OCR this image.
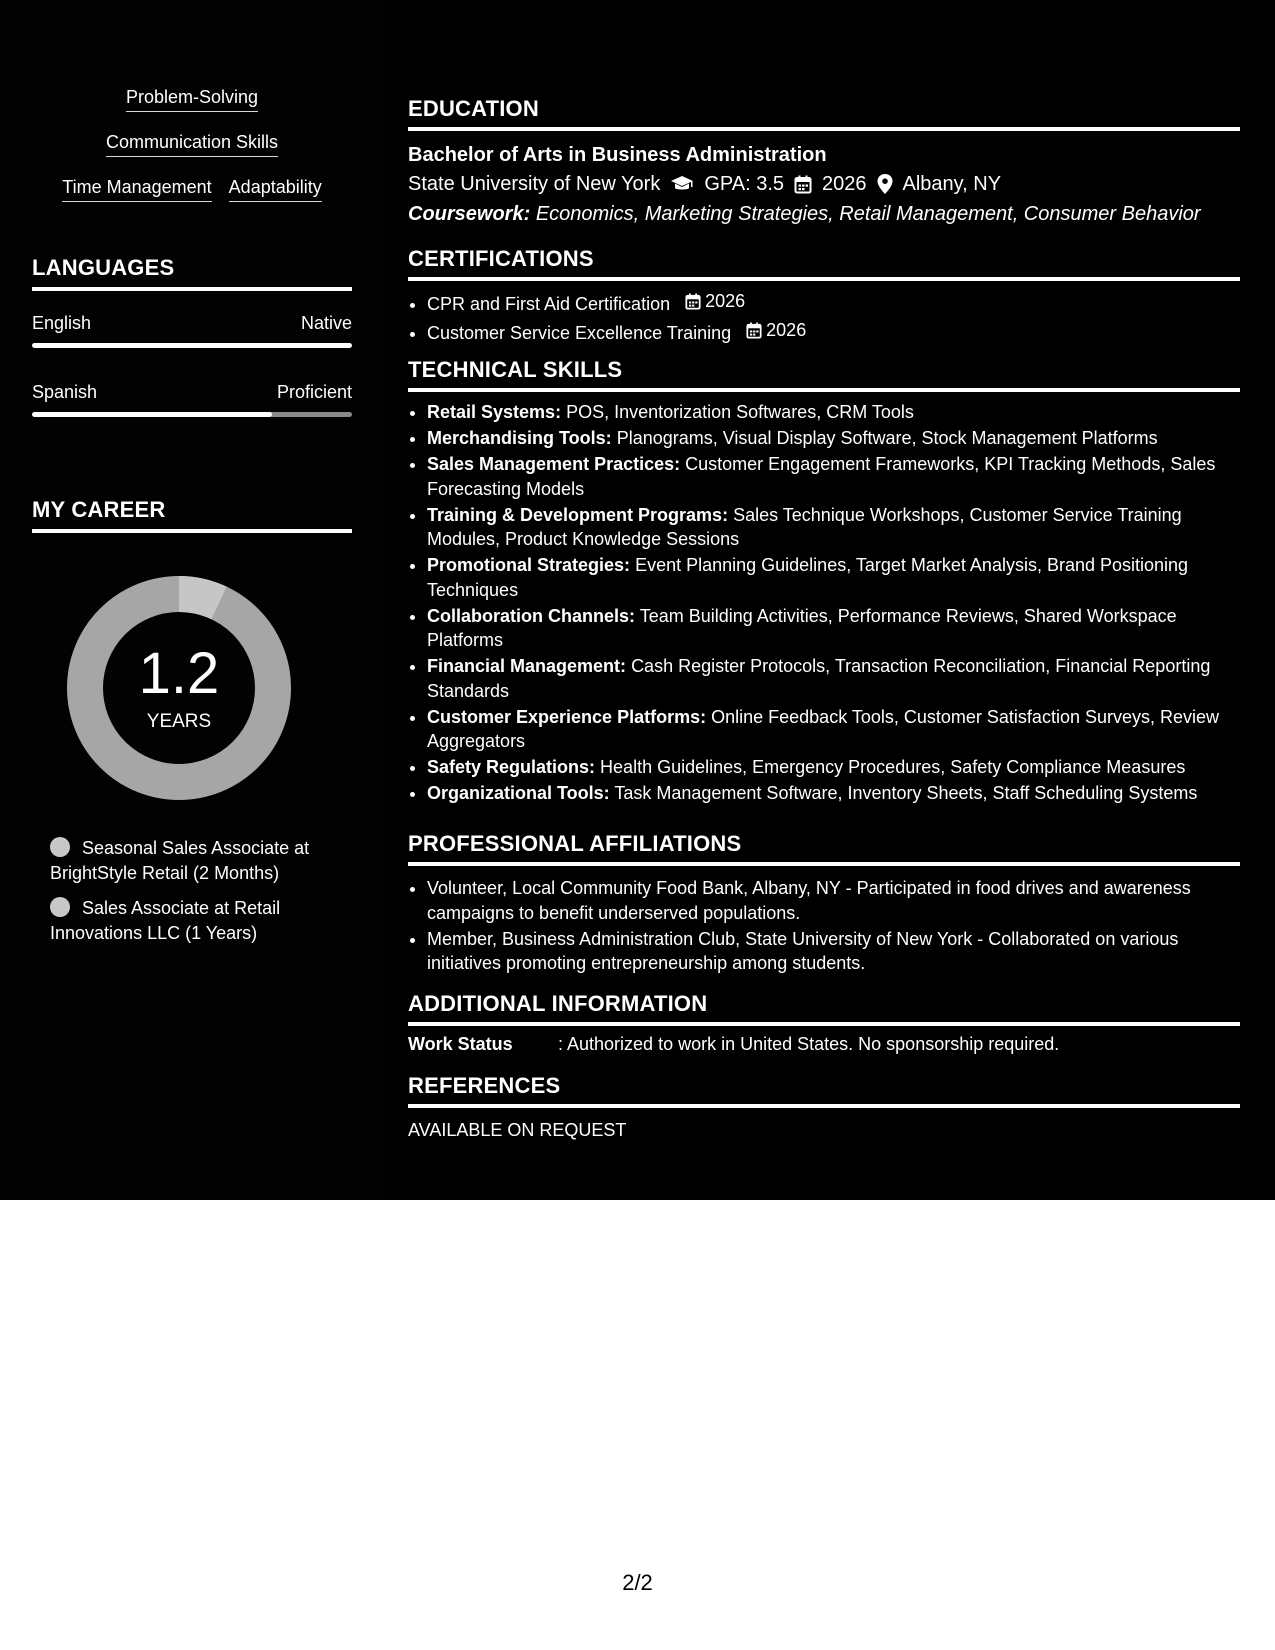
Problem-Solving
Communication Skills
Time Management Adaptability
LANGUAGES
English	Native
Spanish	Proficient
MY CAREER
1.2
YEARS
Seasonal Sales Associate at BrightStyle Retail (2 Months)
Sales Associate at Retail Innovations LLC (1 Years)
EDUCATION
Bachelor of Arts in Business Administration
State University of New York GPA: 3.5 2026 Albany, NY
Coursework: Economics, Marketing Strategies, Retail Management, Consumer Behavior
CERTIFICATIONS
• CPR and First Aid Certification 2026
• Customer Service Excellence Training 2026
TECHNICAL SKILLS
• Retail Systems: POS, Inventorization Softwares, CRM Tools
• Merchandising Tools: Planograms, Visual Display Software, Stock Management Platforms
• Sales Management Practices: Customer Engagement Frameworks, KPI Tracking Methods, Sales Forecasting Models
• Training & Development Programs: Sales Technique Workshops, Customer Service Training Modules, Product Knowledge Sessions
• Promotional Strategies: Event Planning Guidelines, Target Market Analysis, Brand Positioning Techniques
• Collaboration Channels: Team Building Activities, Performance Reviews, Shared Workspace Platforms
• Financial Management: Cash Register Protocols, Transaction Reconciliation, Financial Reporting Standards
• Customer Experience Platforms: Online Feedback Tools, Customer Satisfaction Surveys, Review Aggregators
• Safety Regulations: Health Guidelines, Emergency Procedures, Safety Compliance Measures
• Organizational Tools: Task Management Software, Inventory Sheets, Staff Scheduling Systems
PROFESSIONAL AFFILIATIONS
• Volunteer, Local Community Food Bank, Albany, NY - Participated in food drives and awareness campaigns to benefit underserved populations.
• Member, Business Administration Club, State University of New York - Collaborated on various initiatives promoting entrepreneurship among students.
ADDITIONAL INFORMATION
Work Status	: Authorized to work in United States. No sponsorship required.
REFERENCES
AVAILABLE ON REQUEST
2/2
